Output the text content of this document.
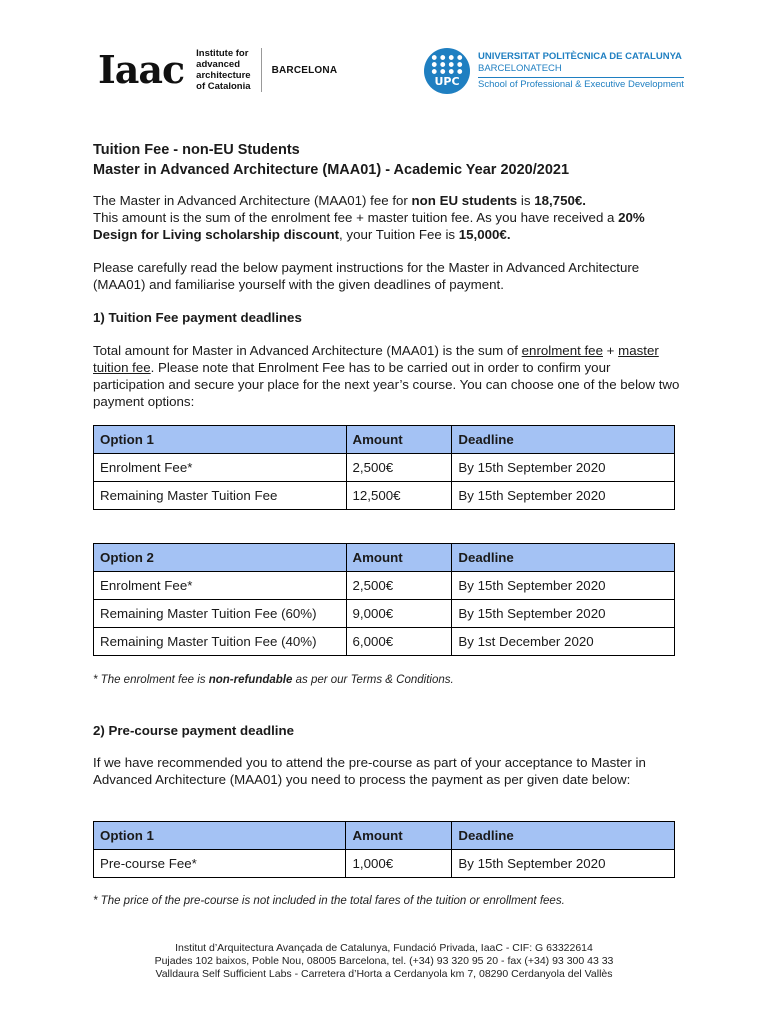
Iaac Institute for
advanced
architecture
of Catalonia
BARCELONA
UPC
UNIVERSITAT POLITÈCNICA DE CATALUNYA
BARCELONATECH
School of Professional & Executive Development
Tuition Fee - non-EU Students
Master in Advanced Architecture (MAA01) - Academic Year 2020/2021

The Master in Advanced Architecture (MAA01) fee for non EU students is 18,750€.

This amount is the sum of the enrolment fee + master tuition fee. As you have received a 20% Design for Living scholarship discount, your Tuition Fee is 15,000€.

Please carefully read the below payment instructions for the Master in Advanced Architecture (MAA01) and familiarise yourself with the given deadlines of payment.

1) Tuition Fee payment deadlines

Total amount for Master in Advanced Architecture (MAA01) is the sum of enrolment fee + master tuition fee. Please note that Enrolment Fee has to be carried out in order to confirm your participation and secure your place for the next year’s course. You can choose one of the below two payment options:

Option 1	Amount	Deadline
Enrolment Fee*	2,500€	By 15th September 2020
Remaining Master Tuition Fee	12,500€	By 15th September 2020
Option 2	Amount	Deadline
Enrolment Fee*	2,500€	By 15th September 2020
Remaining Master Tuition Fee (60%)	9,000€	By 15th September 2020
Remaining Master Tuition Fee (40%)	6,000€	By 1st December 2020
* The enrolment fee is non-refundable as per our Terms & Conditions.
2) Pre-course payment deadline

If we have recommended you to attend the pre-course as part of your acceptance to Master in Advanced Architecture (MAA01) you need to process the payment as per given date below:

Option 1	Amount	Deadline
Pre-course Fee*	1,000€	By 15th September 2020
* The price of the pre-course is not included in the total fares of the tuition or enrollment fees.
Institut d’Arquitectura Avançada de Catalunya, Fundació Privada, IaaC - CIF: G 63322614
Pujades 102 baixos, Poble Nou, 08005 Barcelona, tel. (+34) 93 320 95 20 - fax (+34) 93 300 43 33
Valldaura Self Sufficient Labs - Carretera d’Horta a Cerdanyola km 7, 08290 Cerdanyola del Vallès
